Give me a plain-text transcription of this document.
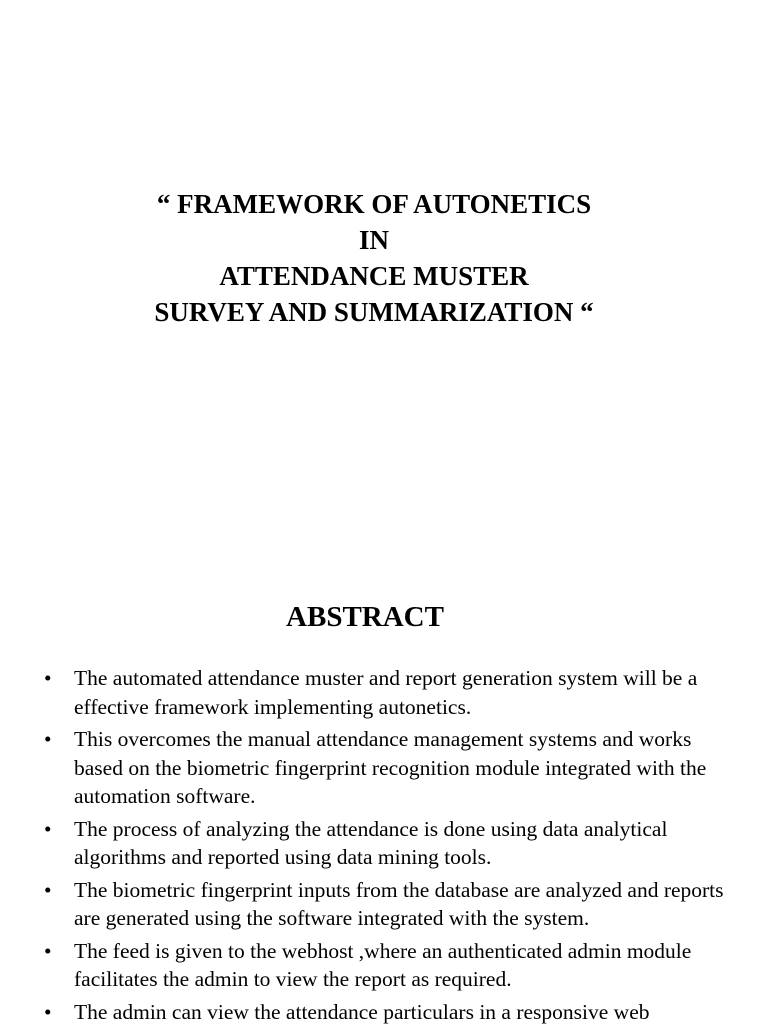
“ FRAMEWORK OF AUTONETICS
IN
ATTENDANCE MUSTER
SURVEY AND SUMMARIZATION “
ABSTRACT
• The automated attendance muster and report generation system will be a effective framework implementing autonetics.
• This overcomes the manual attendance management systems and works based on the biometric fingerprint recognition module integrated with the automation software.
• The process of analyzing the attendance is done using data analytical algorithms and reported using data mining tools.
• The biometric fingerprint inputs from the database are analyzed and reports are generated using the software integrated with the system.
• The feed is given to the webhost ,where an authenticated admin module facilitates the admin to view the report as required.
• The admin can view the attendance particulars in a responsive web
